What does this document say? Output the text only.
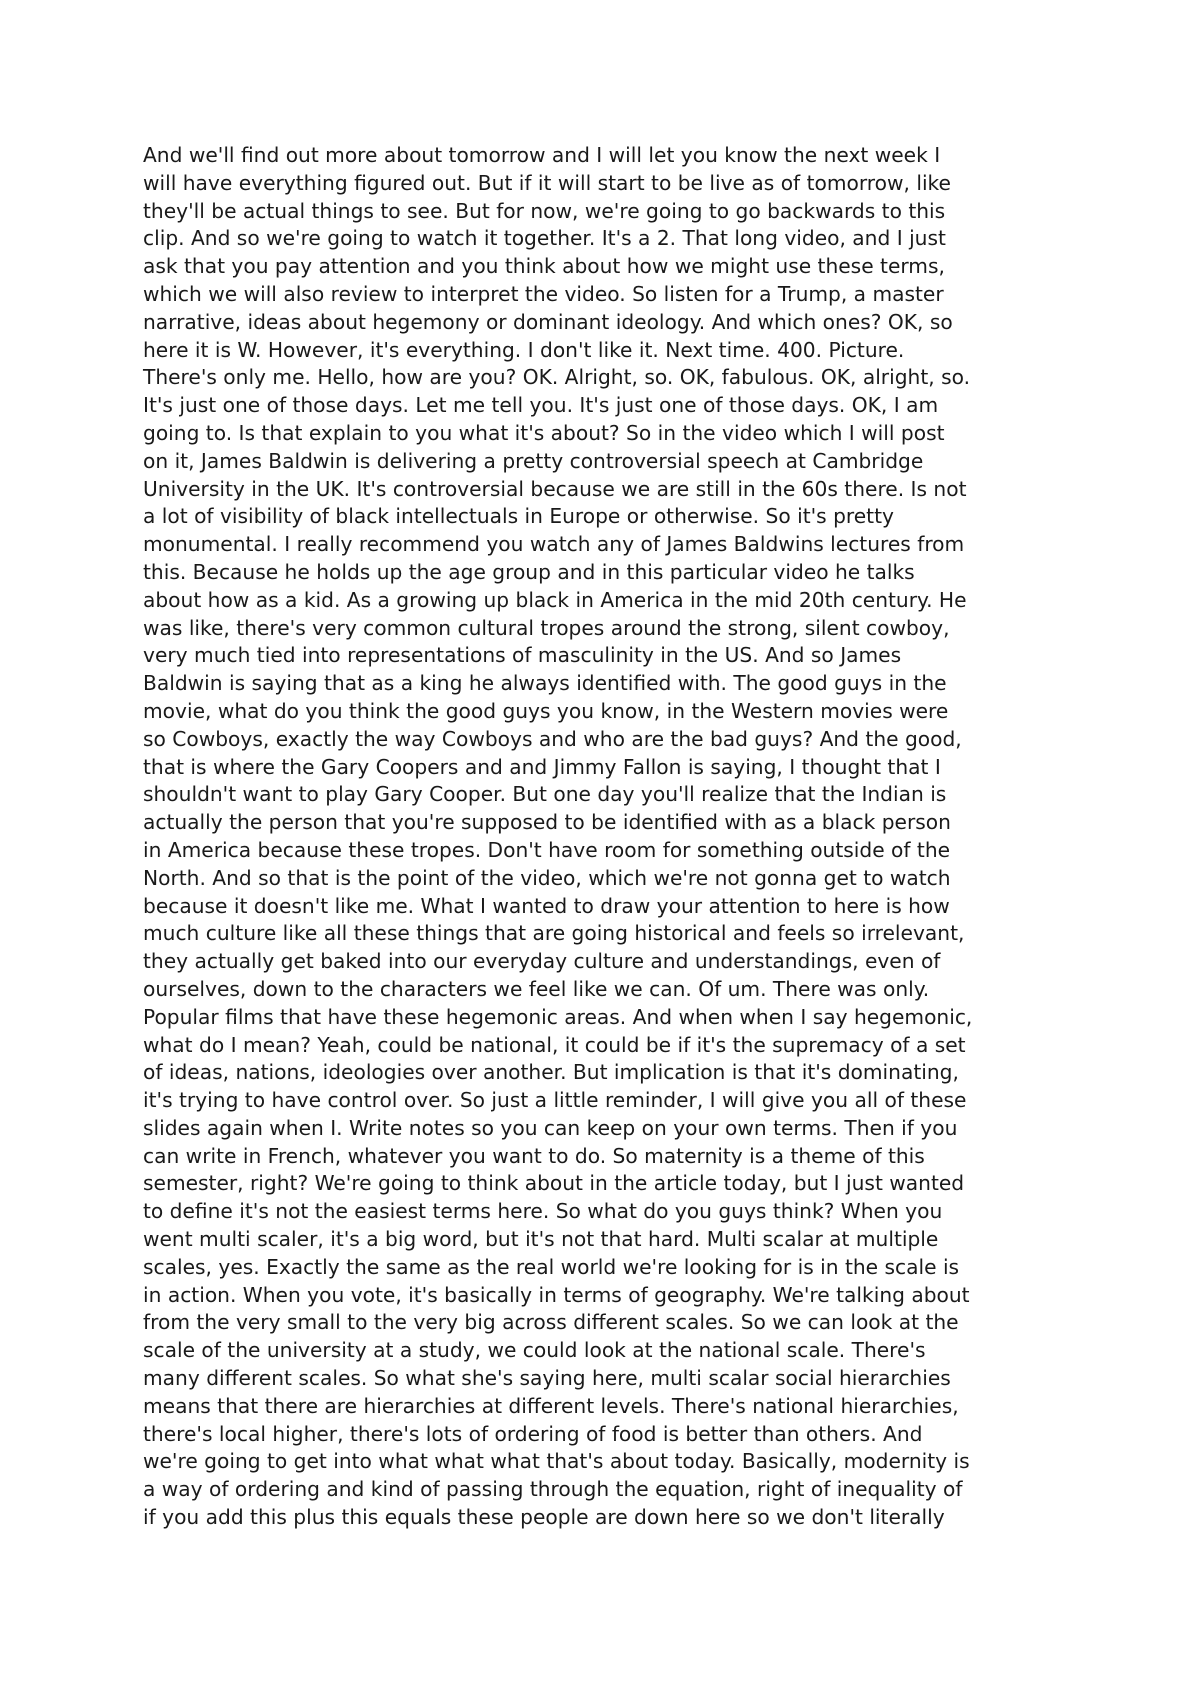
And we'll find out more about tomorrow and I will let you know the next week I
will have everything figured out. But if it will start to be live as of tomorrow, like
they'll be actual things to see. But for now, we're going to go backwards to this
clip. And so we're going to watch it together. It's a 2. That long video, and I just
ask that you pay attention and you think about how we might use these terms,
which we will also review to interpret the video. So listen for a Trump, a master
narrative, ideas about hegemony or dominant ideology. And which ones? OK, so
here it is W. However, it's everything. I don't like it. Next time. 400. Picture.
There's only me. Hello, how are you? OK. Alright, so. OK, fabulous. OK, alright, so.
It's just one of those days. Let me tell you. It's just one of those days. OK, I am
going to. Is that explain to you what it's about? So in the video which I will post
on it, James Baldwin is delivering a pretty controversial speech at Cambridge
University in the UK. It's controversial because we are still in the 60s there. Is not
a lot of visibility of black intellectuals in Europe or otherwise. So it's pretty
monumental. I really recommend you watch any of James Baldwins lectures from
this. Because he holds up the age group and in this particular video he talks
about how as a kid. As a growing up black in America in the mid 20th century. He
was like, there's very common cultural tropes around the strong, silent cowboy,
very much tied into representations of masculinity in the US. And so James
Baldwin is saying that as a king he always identified with. The good guys in the
movie, what do you think the good guys you know, in the Western movies were
so Cowboys, exactly the way Cowboys and who are the bad guys? And the good,
that is where the Gary Coopers and and Jimmy Fallon is saying, I thought that I
shouldn't want to play Gary Cooper. But one day you'll realize that the Indian is
actually the person that you're supposed to be identified with as a black person
in America because these tropes. Don't have room for something outside of the
North. And so that is the point of the video, which we're not gonna get to watch
because it doesn't like me. What I wanted to draw your attention to here is how
much culture like all these things that are going historical and feels so irrelevant,
they actually get baked into our everyday culture and understandings, even of
ourselves, down to the characters we feel like we can. Of um. There was only.
Popular films that have these hegemonic areas. And when when I say hegemonic,
what do I mean? Yeah, could be national, it could be if it's the supremacy of a set
of ideas, nations, ideologies over another. But implication is that it's dominating,
it's trying to have control over. So just a little reminder, I will give you all of these
slides again when I. Write notes so you can keep on your own terms. Then if you
can write in French, whatever you want to do. So maternity is a theme of this
semester, right? We're going to think about in the article today, but I just wanted
to define it's not the easiest terms here. So what do you guys think? When you
went multi scaler, it's a big word, but it's not that hard. Multi scalar at multiple
scales, yes. Exactly the same as the real world we're looking for is in the scale is
in action. When you vote, it's basically in terms of geography. We're talking about
from the very small to the very big across different scales. So we can look at the
scale of the university at a study, we could look at the national scale. There's
many different scales. So what she's saying here, multi scalar social hierarchies
means that there are hierarchies at different levels. There's national hierarchies,
there's local higher, there's lots of ordering of food is better than others. And
we're going to get into what what what that's about today. Basically, modernity is
a way of ordering and kind of passing through the equation, right of inequality of
if you add this plus this equals these people are down here so we don't literally
